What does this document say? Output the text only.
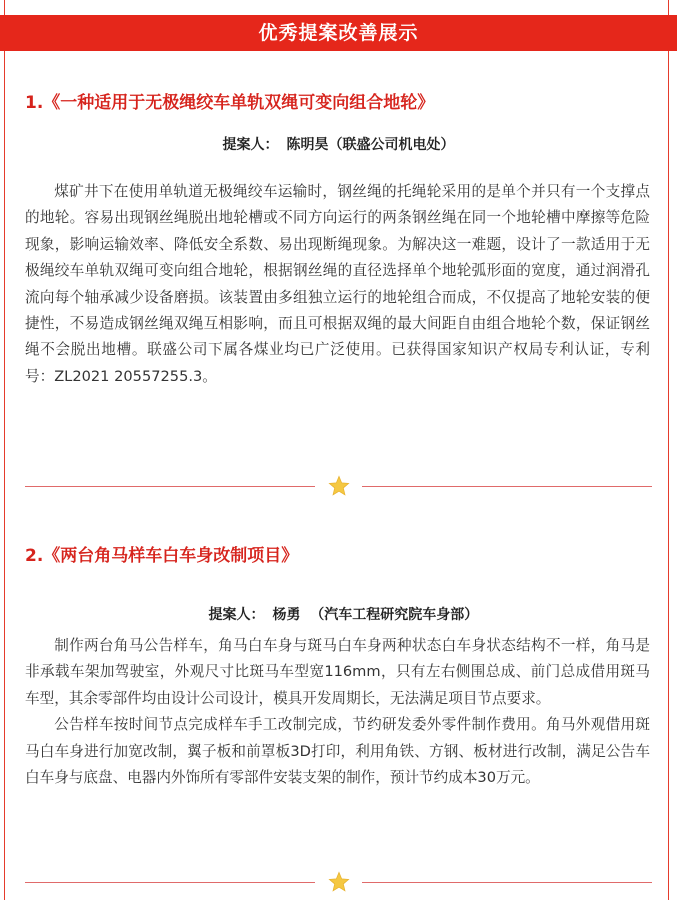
优秀提案改善展示
1.《一种适用于无极绳绞车单轨双绳可变向组合地轮》
提案人： 陈明昊（联盛公司机电处）

煤矿井下在使用单轨道无极绳绞车运输时，钢丝绳的托绳轮采用的是单个并只有一个支撑点的地轮。容易出现钢丝绳脱出地轮槽或不同方向运行的两条钢丝绳在同一个地轮槽中摩擦等危险现象，影响运输效率、降低安全系数、易出现断绳现象。为解决这一难题，设计了一款适用于无极绳绞车单轨双绳可变向组合地轮，根据钢丝绳的直径选择单个地轮弧形面的宽度，通过润滑孔流向每个轴承减少设备磨损。该装置由多组独立运行的地轮组合而成，不仅提高了地轮安装的便捷性，不易造成钢丝绳双绳互相影响，而且可根据双绳的最大间距自由组合地轮个数，保证钢丝绳不会脱出地槽。联盛公司下属各煤业均已广泛使用。已获得国家知识产权局专利认证，专利号：ZL2021 20557255.3。

2.《两台角马样车白车身改制项目》

提案人： 杨勇  （汽车工程研究院车身部）

制作两台角马公告样车，角马白车身与斑马白车身两种状态白车身状态结构不一样，角马是非承载车架加驾驶室，外观尺寸比斑马车型宽116mm，只有左右侧围总成、前门总成借用斑马车型，其余零部件均由设计公司设计，模具开发周期长，无法满足项目节点要求。

公告样车按时间节点完成样车手工改制完成，节约研发委外零件制作费用。角马外观借用斑马白车身进行加宽改制，翼子板和前罩板3D打印，利用角铁、方钢、板材进行改制，满足公告车白车身与底盘、电器内外饰所有零部件安装支架的制作，预计节约成本30万元。
